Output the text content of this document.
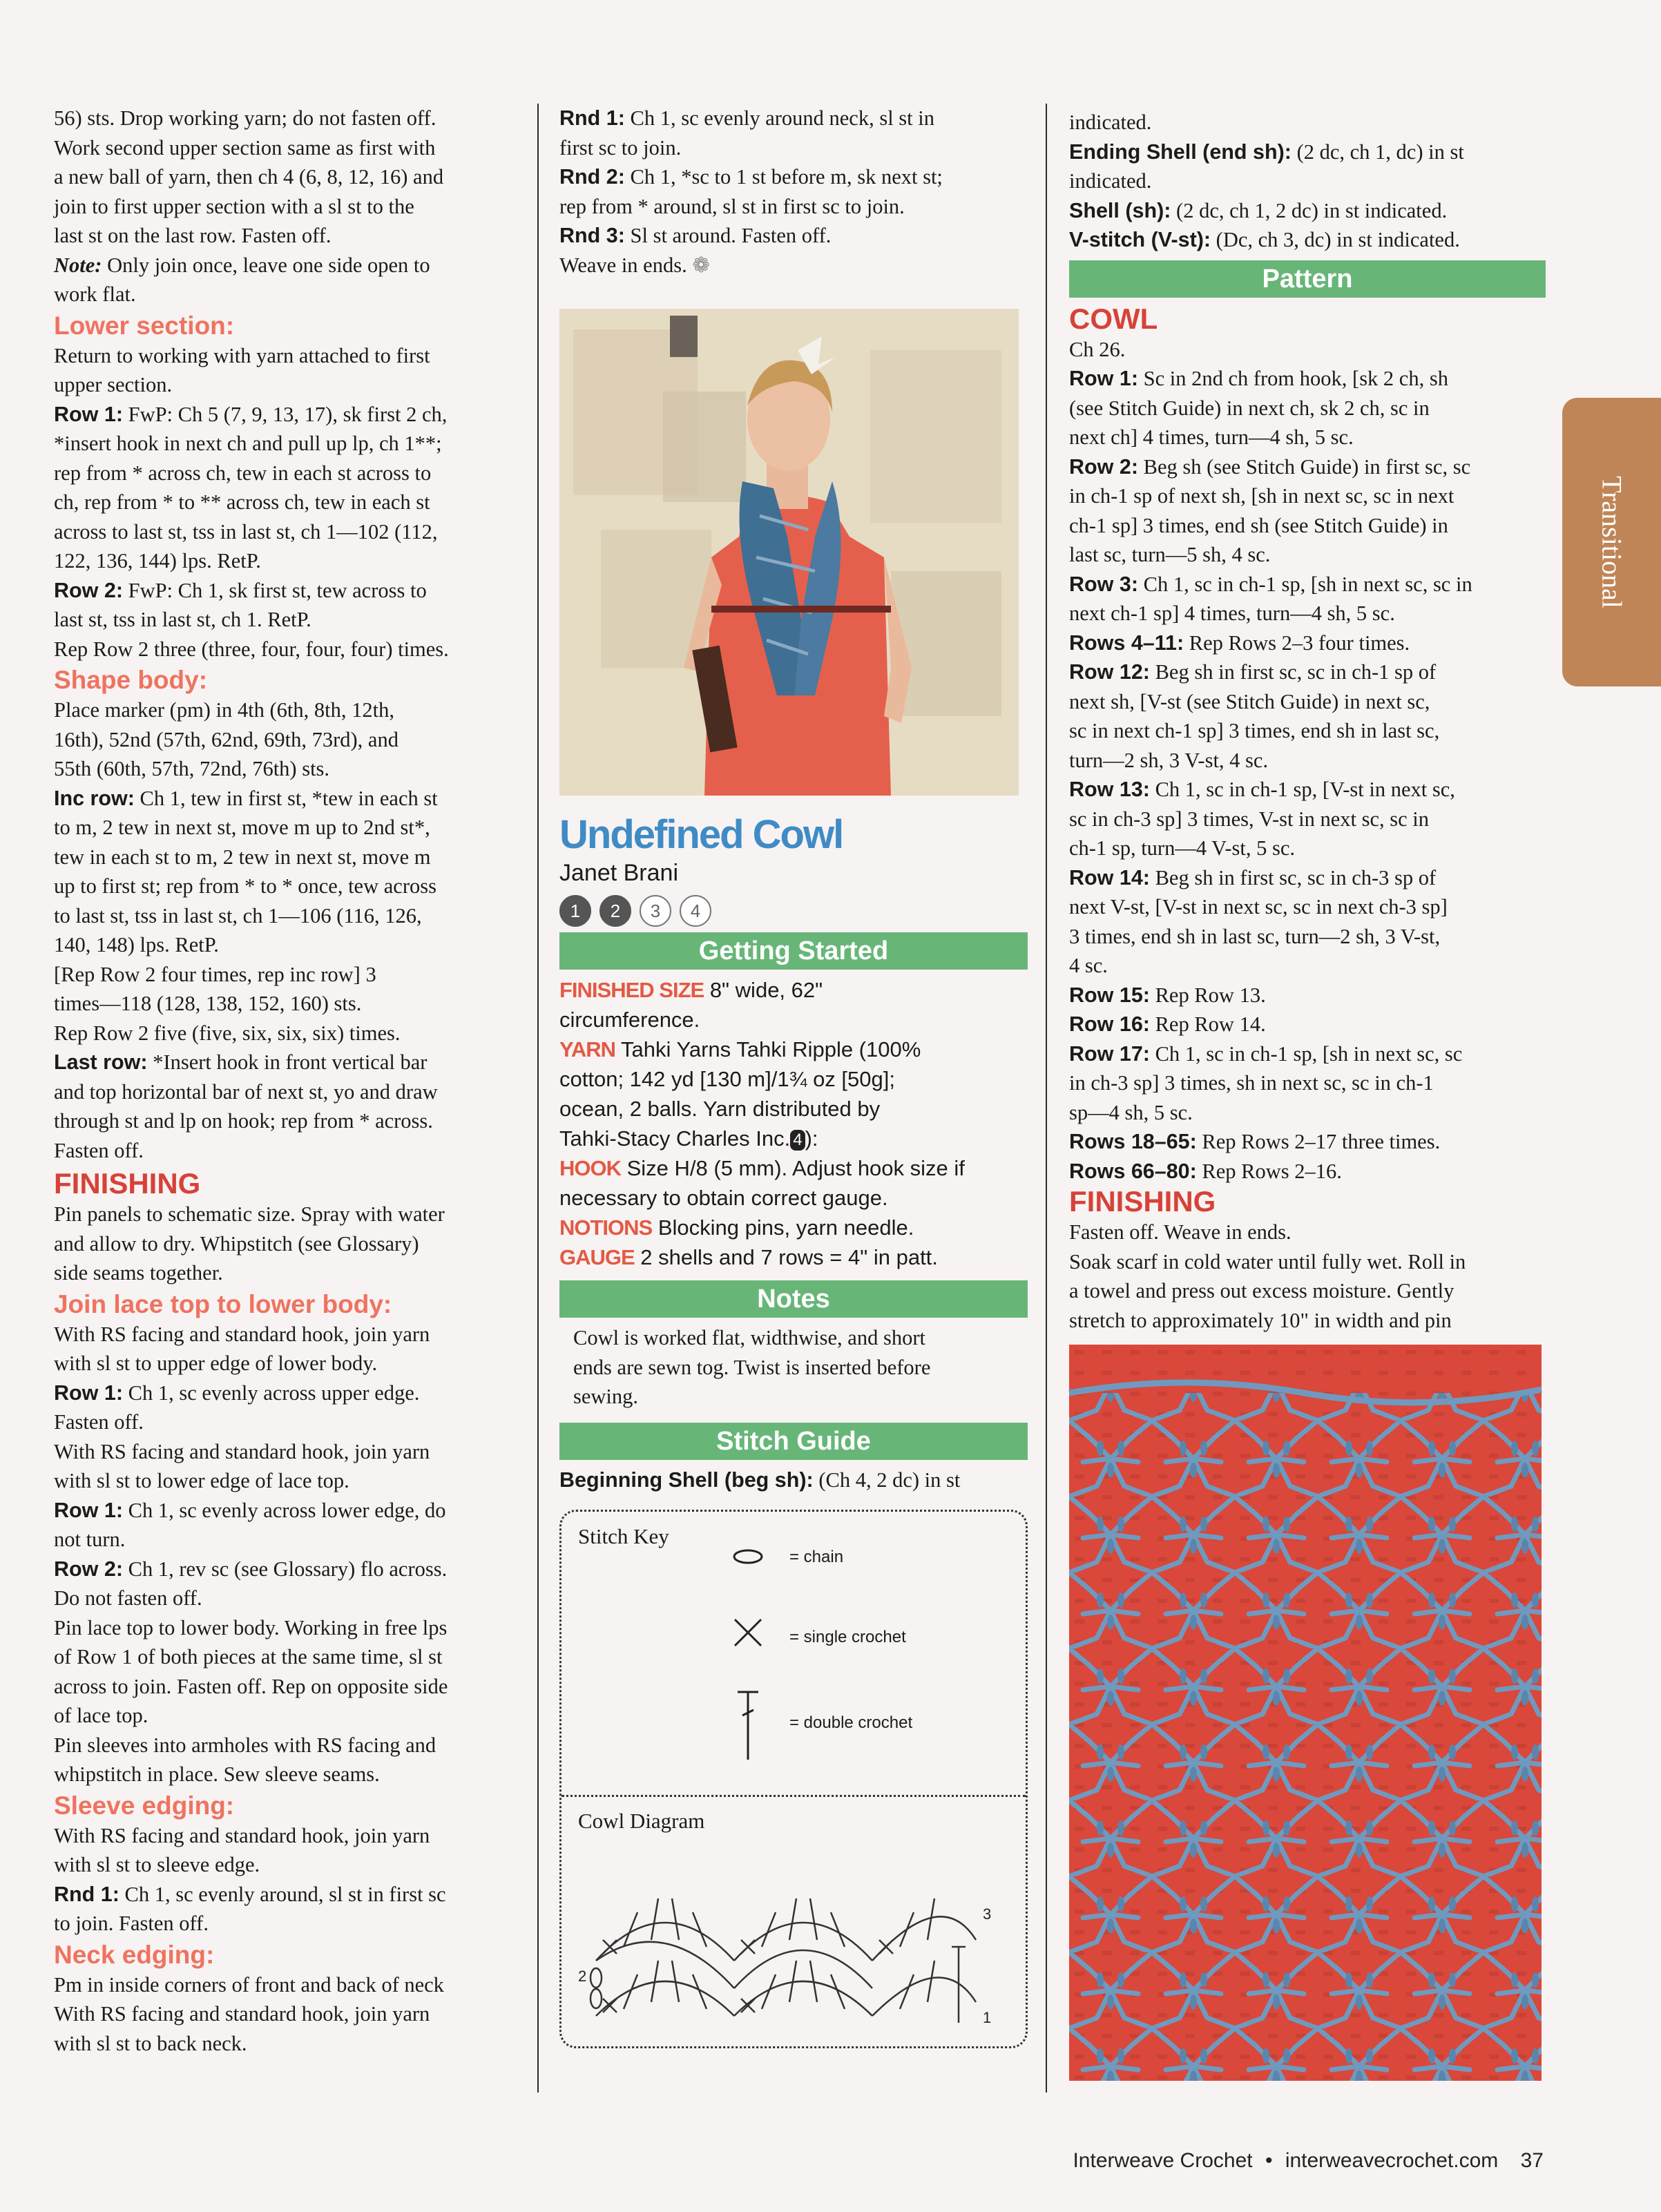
Transitional
56) sts. Drop working yarn; do not fasten off.
Work second upper section same as first with
a new ball of yarn, then ch 4 (6, 8, 12, 16) and
join to first upper section with a sl st to the
last st on the last row. Fasten off.

Note: Only join once, leave one side open to
work flat.

Lower section:
Return to working with yarn attached to first
upper section.

Row 1: FwP: Ch 5 (7, 9, 13, 17), sk first 2 ch,
*insert hook in next ch and pull up lp, ch 1**;
rep from * across ch, tew in each st across to
ch, rep from * to ** across ch, tew in each st
across to last st, tss in last st, ch 1—102 (112,
122, 136, 144) lps. RetP.

Row 2: FwP: Ch 1, sk first st, tew across to
last st, tss in last st, ch 1. RetP.

Rep Row 2 three (three, four, four, four) times.
Shape body:
Place marker (pm) in 4th (6th, 8th, 12th,
16th), 52nd (57th, 62nd, 69th, 73rd), and
55th (60th, 57th, 72nd, 76th) sts.

Inc row: Ch 1, tew in first st, *tew in each st
to m, 2 tew in next st, move m up to 2nd st*,
tew in each st to m, 2 tew in next st, move m
up to first st; rep from * to * once, tew across
to last st, tss in last st, ch 1—106 (116, 126,
140, 148) lps. RetP.
[Rep Row 2 four times, rep inc row] 3
times—118 (128, 138, 152, 160) sts.
Rep Row 2 five (five, six, six, six) times.

Last row: *Insert hook in front vertical bar
and top horizontal bar of next st, yo and draw
through st and lp on hook; rep from * across.
Fasten off.

FINISHING
Pin panels to schematic size. Spray with water
and allow to dry. Whipstitch (see Glossary)
side seams together.
Join lace top to lower body:
With RS facing and standard hook, join yarn
with sl st to upper edge of lower body.

Row 1: Ch 1, sc evenly across upper edge.
Fasten off.
With RS facing and standard hook, join yarn
with sl st to lower edge of lace top.

Row 1: Ch 1, sc evenly across lower edge, do
not turn.

Row 2: Ch 1, rev sc (see Glossary) flo across.
Do not fasten off.
Pin lace top to lower body. Working in free lps
of Row 1 of both pieces at the same time, sl st
across to join. Fasten off. Rep on opposite side
of lace top.
Pin sleeves into armholes with RS facing and
whipstitch in place. Sew sleeve seams.

Sleeve edging:
With RS facing and standard hook, join yarn
with sl st to sleeve edge.

Rnd 1: Ch 1, sc evenly around, sl st in first sc
to join. Fasten off.

Neck edging:
Pm in inside corners of front and back of neck
With RS facing and standard hook, join yarn
with sl st to back neck.

Rnd 1: Ch 1, sc evenly around neck, sl st in
first sc to join.

Rnd 2: Ch 1, *sc to 1 st before m, sk next st;
rep from * around, sl st in first sc to join.

Rnd 3: Sl st around. Fasten off.
Weave in ends. ❁

Undefined Cowl

Janet Brani

1 2 3 4
Getting Started

FINISHED SIZE 8" wide, 62"
circumference.

YARN Tahki Yarns Tahki Ripple (100%
cotton; 142 yd [130 m]/1¾ oz [50g];
ocean, 2 balls. Yarn distributed by
Tahki-Stacy Charles Inc. 4 ):

HOOK Size H/8 (5 mm). Adjust hook size if
necessary to obtain correct gauge.

NOTIONS Blocking pins, yarn needle.

GAUGE 2 shells and 7 rows = 4" in patt.

Notes
Cowl is worked flat, widthwise, and short
ends are sewn tog. Twist is inserted before
sewing.
Stitch Guide

Beginning Shell (beg sh): (Ch 4, 2 dc) in st

Stitch Key
= chain
= single crochet
= double crochet
Cowl Diagram
3
2
1
indicated.

Ending Shell (end sh): (2 dc, ch 1, dc) in st
indicated.

Shell (sh): (2 dc, ch 1, 2 dc) in st indicated.

V-stitch (V-st): (Dc, ch 3, dc) in st indicated.

Pattern
COWL

Ch 26.

Row 1: Sc in 2nd ch from hook, [sk 2 ch, sh
(see Stitch Guide) in next ch, sk 2 ch, sc in
next ch] 4 times, turn—4 sh, 5 sc.

Row 2: Beg sh (see Stitch Guide) in first sc, sc
in ch-1 sp of next sh, [sh in next sc, sc in next
ch-1 sp] 3 times, end sh (see Stitch Guide) in
last sc, turn—5 sh, 4 sc.

Row 3: Ch 1, sc in ch-1 sp, [sh in next sc, sc in
next ch-1 sp] 4 times, turn—4 sh, 5 sc.

Rows 4–11: Rep Rows 2–3 four times.

Row 12: Beg sh in first sc, sc in ch-1 sp of
next sh, [V-st (see Stitch Guide) in next sc,
sc in next ch-1 sp] 3 times, end sh in last sc,
turn—2 sh, 3 V-st, 4 sc.

Row 13: Ch 1, sc in ch-1 sp, [V-st in next sc,
sc in ch-3 sp] 3 times, V-st in next sc, sc in
ch-1 sp, turn—4 V-st, 5 sc.

Row 14: Beg sh in first sc, sc in ch-3 sp of
next V-st, [V-st in next sc, sc in next ch-3 sp]
3 times, end sh in last sc, turn—2 sh, 3 V-st,
4 sc.

Row 15: Rep Row 13.

Row 16: Rep Row 14.

Row 17: Ch 1, sc in ch-1 sp, [sh in next sc, sc
in ch-3 sp] 3 times, sh in next sc, sc in ch-1
sp—4 sh, 5 sc.

Rows 18–65: Rep Rows 2–17 three times.

Rows 66–80: Rep Rows 2–16.

FINISHING
Fasten off. Weave in ends.
Soak scarf in cold water until fully wet. Roll in
a towel and press out excess moisture. Gently
stretch to approximately 10" in width and pin
Interweave Crochet • interweavecrochet.com 37
